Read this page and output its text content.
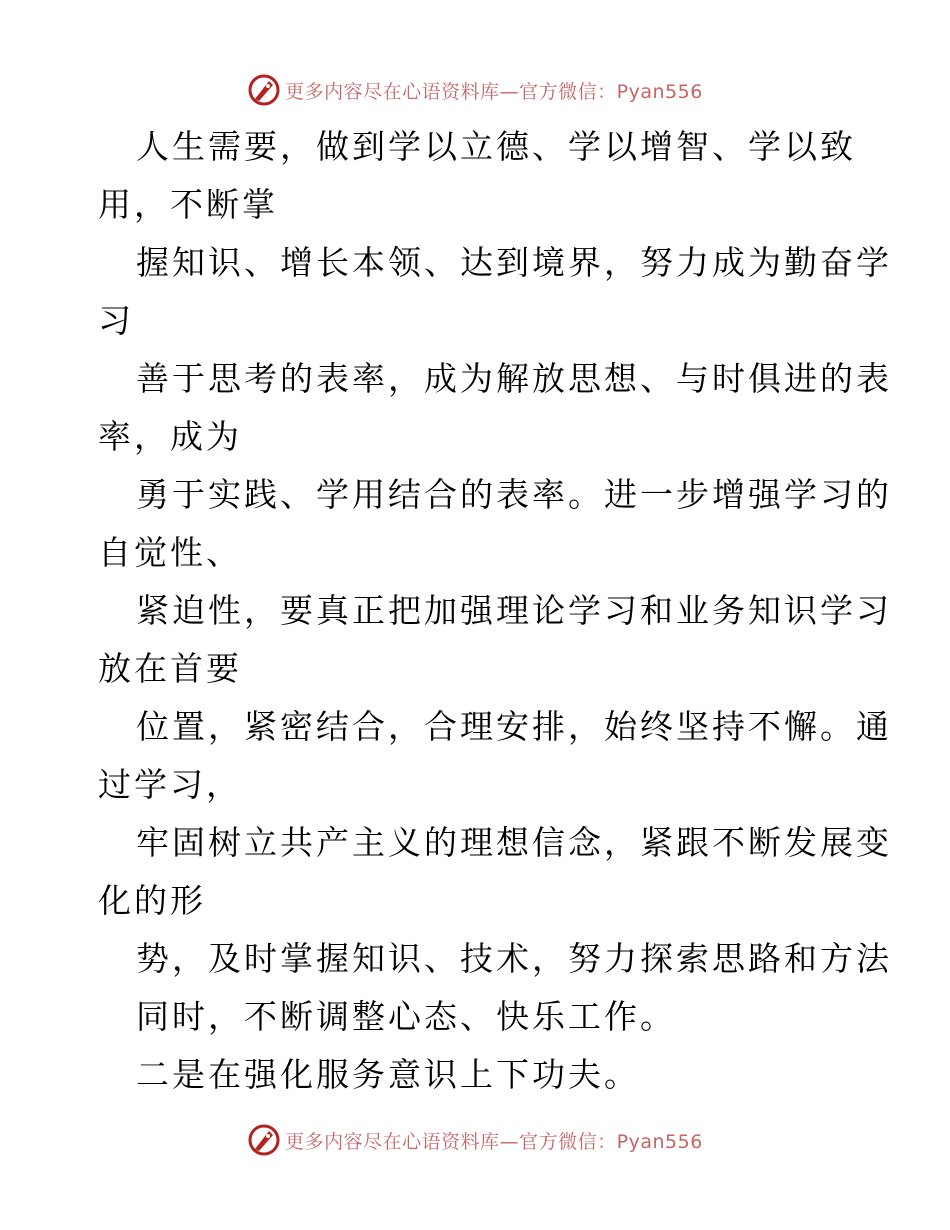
更多内容尽在心语资料库—官方微信：Pyan556
人生需要，做到学以立德、学以增智、学以致
用，不断掌
握知识、增长本领、达到境界，努力成为勤奋学
习
善于思考的表率，成为解放思想、与时俱进的表
率，成为
勇于实践、学用结合的表率。进一步增强学习的
自觉性、
紧迫性，要真正把加强理论学习和业务知识学习
放在首要
位置，紧密结合，合理安排，始终坚持不懈。通
过学习，
牢固树立共产主义的理想信念，紧跟不断发展变
化的形
势，及时掌握知识、技术，努力探索思路和方法
同时，不断调整心态、快乐工作。
二是在强化服务意识上下功夫。
更多内容尽在心语资料库—官方微信：Pyan556
